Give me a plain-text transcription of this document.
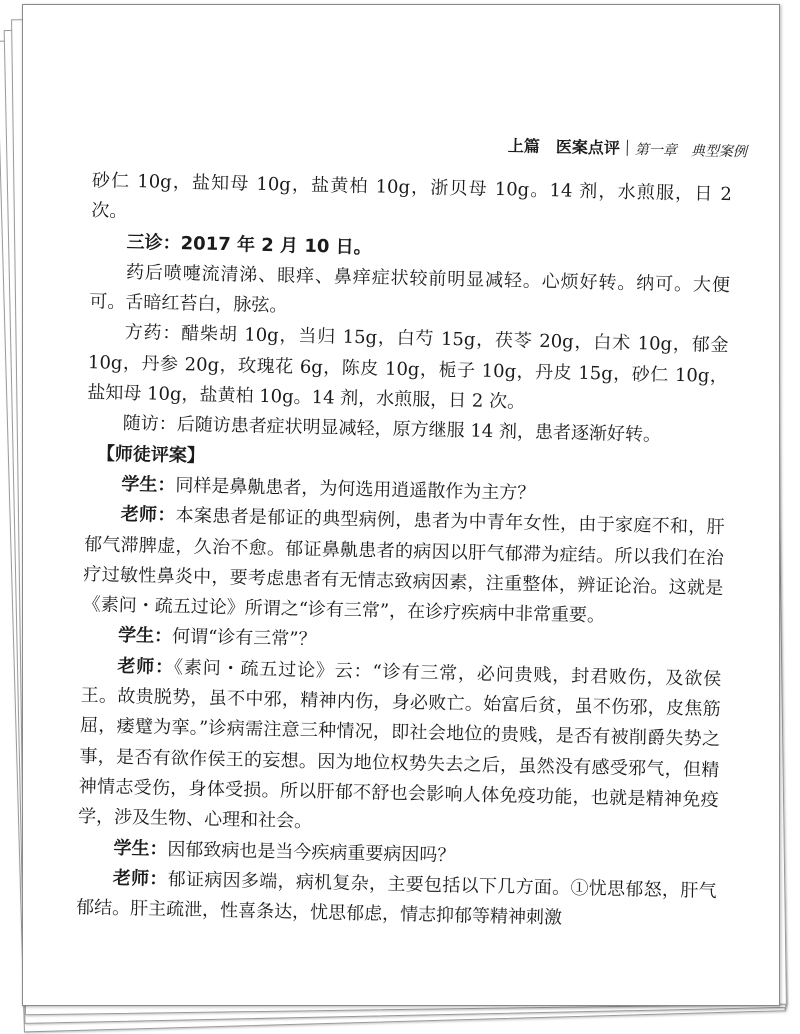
上篇　医案点评 第一章　典型案例

砂仁 10g，盐知母 10g，盐黄柏 10g，浙贝母 10g。14 剂，水煎服，日 2 次。

三诊：2017 年 2 月 10 日。

药后喷嚏流清涕、眼痒、鼻痒症状较前明显减轻。心烦好转。纳可。大便可。舌暗红苔白，脉弦。

方药：醋柴胡 10g，当归 15g，白芍 15g，茯苓 20g，白术 10g，郁金 10g，丹参 20g，玫瑰花 6g，陈皮 10g，栀子 10g，丹皮 15g，砂仁 10g，盐知母 10g，盐黄柏 10g。14 剂，水煎服，日 2 次。

随访：后随访患者症状明显减轻，原方继服 14 剂，患者逐渐好转。

【师徒评案】

学生：同样是鼻鼽患者，为何选用逍遥散作为主方？

老师：本案患者是郁证的典型病例，患者为中青年女性，由于家庭不和，肝郁气滞脾虚，久治不愈。郁证鼻鼽患者的病因以肝气郁滞为症结。所以我们在治疗过敏性鼻炎中，要考虑患者有无情志致病因素，注重整体，辨证论治。这就是《素问・疏五过论》所谓之“诊有三常”，在诊疗疾病中非常重要。

学生：何谓“诊有三常”？

老师：《素问・疏五过论》云：“诊有三常，必问贵贱，封君败伤，及欲侯王。故贵脱势，虽不中邪，精神内伤，身必败亡。始富后贫，虽不伤邪，皮焦筋屈，痿躄为挛。”诊病需注意三种情况，即社会地位的贵贱，是否有被削爵失势之事，是否有欲作侯王的妄想。因为地位权势失去之后，虽然没有感受邪气，但精神情志受伤，身体受损。所以肝郁不舒也会影响人体免疫功能，也就是精神免疫学，涉及生物、心理和社会。

学生：因郁致病也是当今疾病重要病因吗？

老师：郁证病因多端，病机复杂，主要包括以下几方面。①忧思郁怒，肝气郁结。肝主疏泄，性喜条达，忧思郁虑，情志抑郁等精神刺激
